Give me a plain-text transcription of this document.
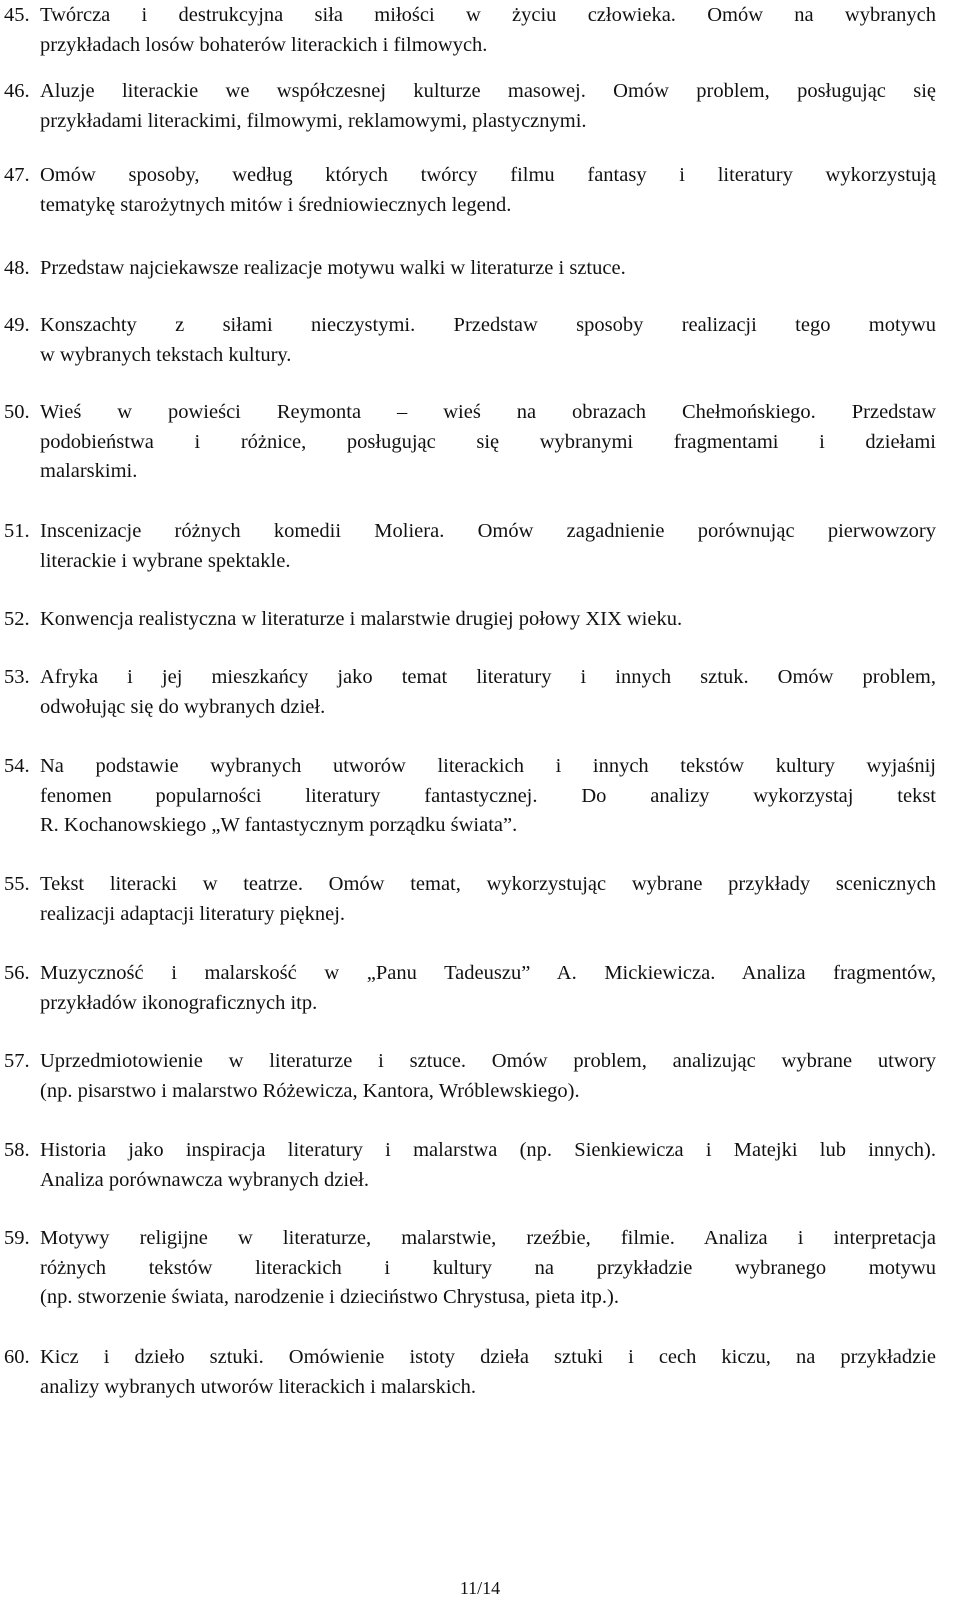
45. Twórcza i destrukcyjna siła miłości w życiu człowieka. Omów na wybranych
przykładach losów bohaterów literackich i filmowych.
46. Aluzje literackie we współczesnej kulturze masowej. Omów problem, posługując się
przykładami literackimi, filmowymi, reklamowymi, plastycznymi.
47. Omów sposoby, według których twórcy filmu fantasy i literatury wykorzystują
tematykę starożytnych mitów i średniowiecznych legend.
48. Przedstaw najciekawsze realizacje motywu walki w literaturze i sztuce.
49. Konszachty z siłami nieczystymi. Przedstaw sposoby realizacji tego motywu
w wybranych tekstach kultury.
50. Wieś w powieści Reymonta – wieś na obrazach Chełmońskiego. Przedstaw
podobieństwa i różnice, posługując się wybranymi fragmentami i dziełami
malarskimi.
51. Inscenizacje różnych komedii Moliera. Omów zagadnienie porównując pierwowzory
literackie i wybrane spektakle.
52. Konwencja realistyczna w literaturze i malarstwie drugiej połowy XIX wieku.
53. Afryka i jej mieszkańcy jako temat literatury i innych sztuk. Omów problem,
odwołując się do wybranych dzieł.
54. Na podstawie wybranych utworów literackich i innych tekstów kultury wyjaśnij
fenomen popularności literatury fantastycznej. Do analizy wykorzystaj tekst
R. Kochanowskiego „W fantastycznym porządku świata”.
55. Tekst literacki w teatrze. Omów temat, wykorzystując wybrane przykłady scenicznych
realizacji adaptacji literatury pięknej.
56. Muzyczność i malarskość w „Panu Tadeuszu” A. Mickiewicza. Analiza fragmentów,
przykładów ikonograficznych itp.
57. Uprzedmiotowienie w literaturze i sztuce. Omów problem, analizując wybrane utwory
(np. pisarstwo i malarstwo Różewicza, Kantora, Wróblewskiego).
58. Historia jako inspiracja literatury i malarstwa (np. Sienkiewicza i Matejki lub innych).
Analiza porównawcza wybranych dzieł.
59. Motywy religijne w literaturze, malarstwie, rzeźbie, filmie. Analiza i interpretacja
różnych tekstów literackich i kultury na przykładzie wybranego motywu
(np. stworzenie świata, narodzenie i dzieciństwo Chrystusa, pieta itp.).
60. Kicz i dzieło sztuki. Omówienie istoty dzieła sztuki i cech kiczu, na przykładzie
analizy wybranych utworów literackich i malarskich.
11/14
